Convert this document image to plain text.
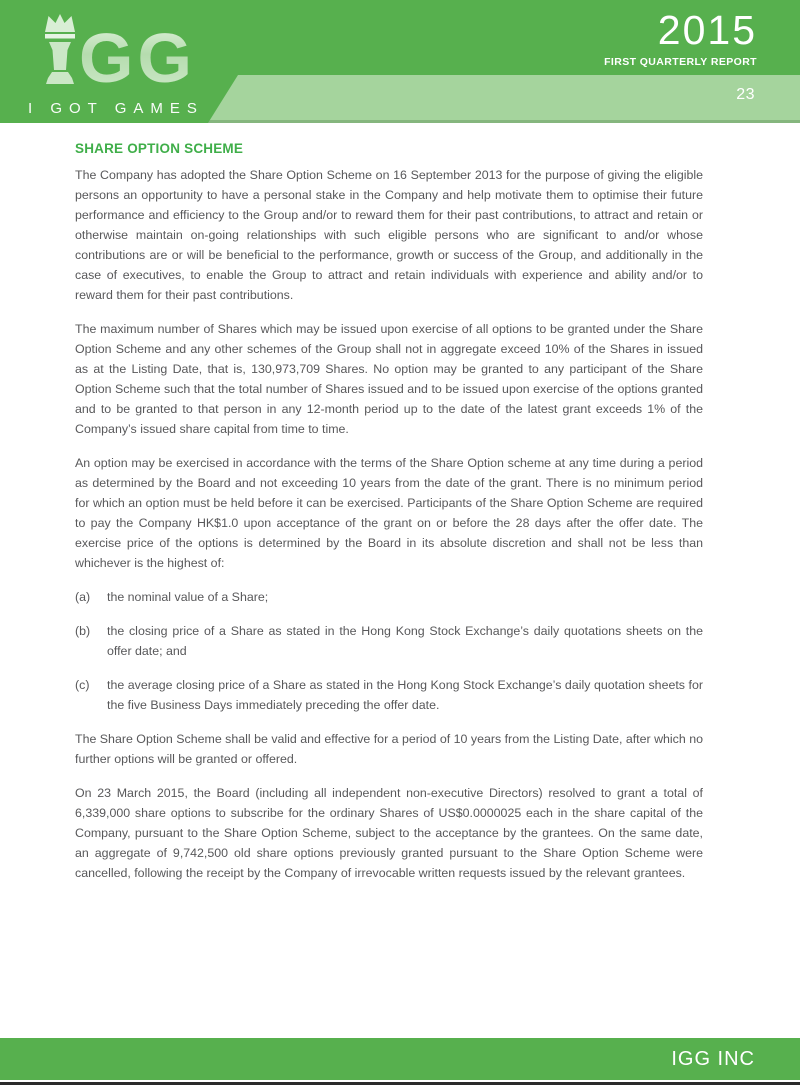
GG
I GOT GAMES
2015
FIRST QUARTERLY REPORT
23
SHARE OPTION SCHEME

The Company has adopted the Share Option Scheme on 16 September 2013 for the purpose of giving the eligible persons an opportunity to have a personal stake in the Company and help motivate them to optimise their future performance and efficiency to the Group and/or to reward them for their past contributions, to attract and retain or otherwise maintain on-going relationships with such eligible persons who are significant to and/or whose contributions are or will be beneficial to the performance, growth or success of the Group, and additionally in the case of executives, to enable the Group to attract and retain individuals with experience and ability and/or to reward them for their past contributions.

The maximum number of Shares which may be issued upon exercise of all options to be granted under the Share Option Scheme and any other schemes of the Group shall not in aggregate exceed 10% of the Shares in issued as at the Listing Date, that is, 130,973,709 Shares. No option may be granted to any participant of the Share Option Scheme such that the total number of Shares issued and to be issued upon exercise of the options granted and to be granted to that person in any 12-month period up to the date of the latest grant exceeds 1% of the Company’s issued share capital from time to time.

An option may be exercised in accordance with the terms of the Share Option scheme at any time during a period as determined by the Board and not exceeding 10 years from the date of the grant. There is no minimum period for which an option must be held before it can be exercised. Participants of the Share Option Scheme are required to pay the Company HK$1.0 upon acceptance of the grant on or before the 28 days after the offer date. The exercise price of the options is determined by the Board in its absolute discretion and shall not be less than whichever is the highest of:

(a)	the nominal value of a Share;
(b)	the closing price of a Share as stated in the Hong Kong Stock Exchange’s daily quotations sheets on the offer date; and
(c)	the average closing price of a Share as stated in the Hong Kong Stock Exchange’s daily quotation sheets for the five Business Days immediately preceding the offer date.

The Share Option Scheme shall be valid and effective for a period of 10 years from the Listing Date, after which no further options will be granted or offered.

On 23 March 2015, the Board (including all independent non-executive Directors) resolved to grant a total of 6,339,000 share options to subscribe for the ordinary Shares of US$0.0000025 each in the share capital of the Company, pursuant to the Share Option Scheme, subject to the acceptance by the grantees. On the same date, an aggregate of 9,742,500 old share options previously granted pursuant to the Share Option Scheme were cancelled, following the receipt by the Company of irrevocable written requests issued by the relevant grantees.

IGG INC
